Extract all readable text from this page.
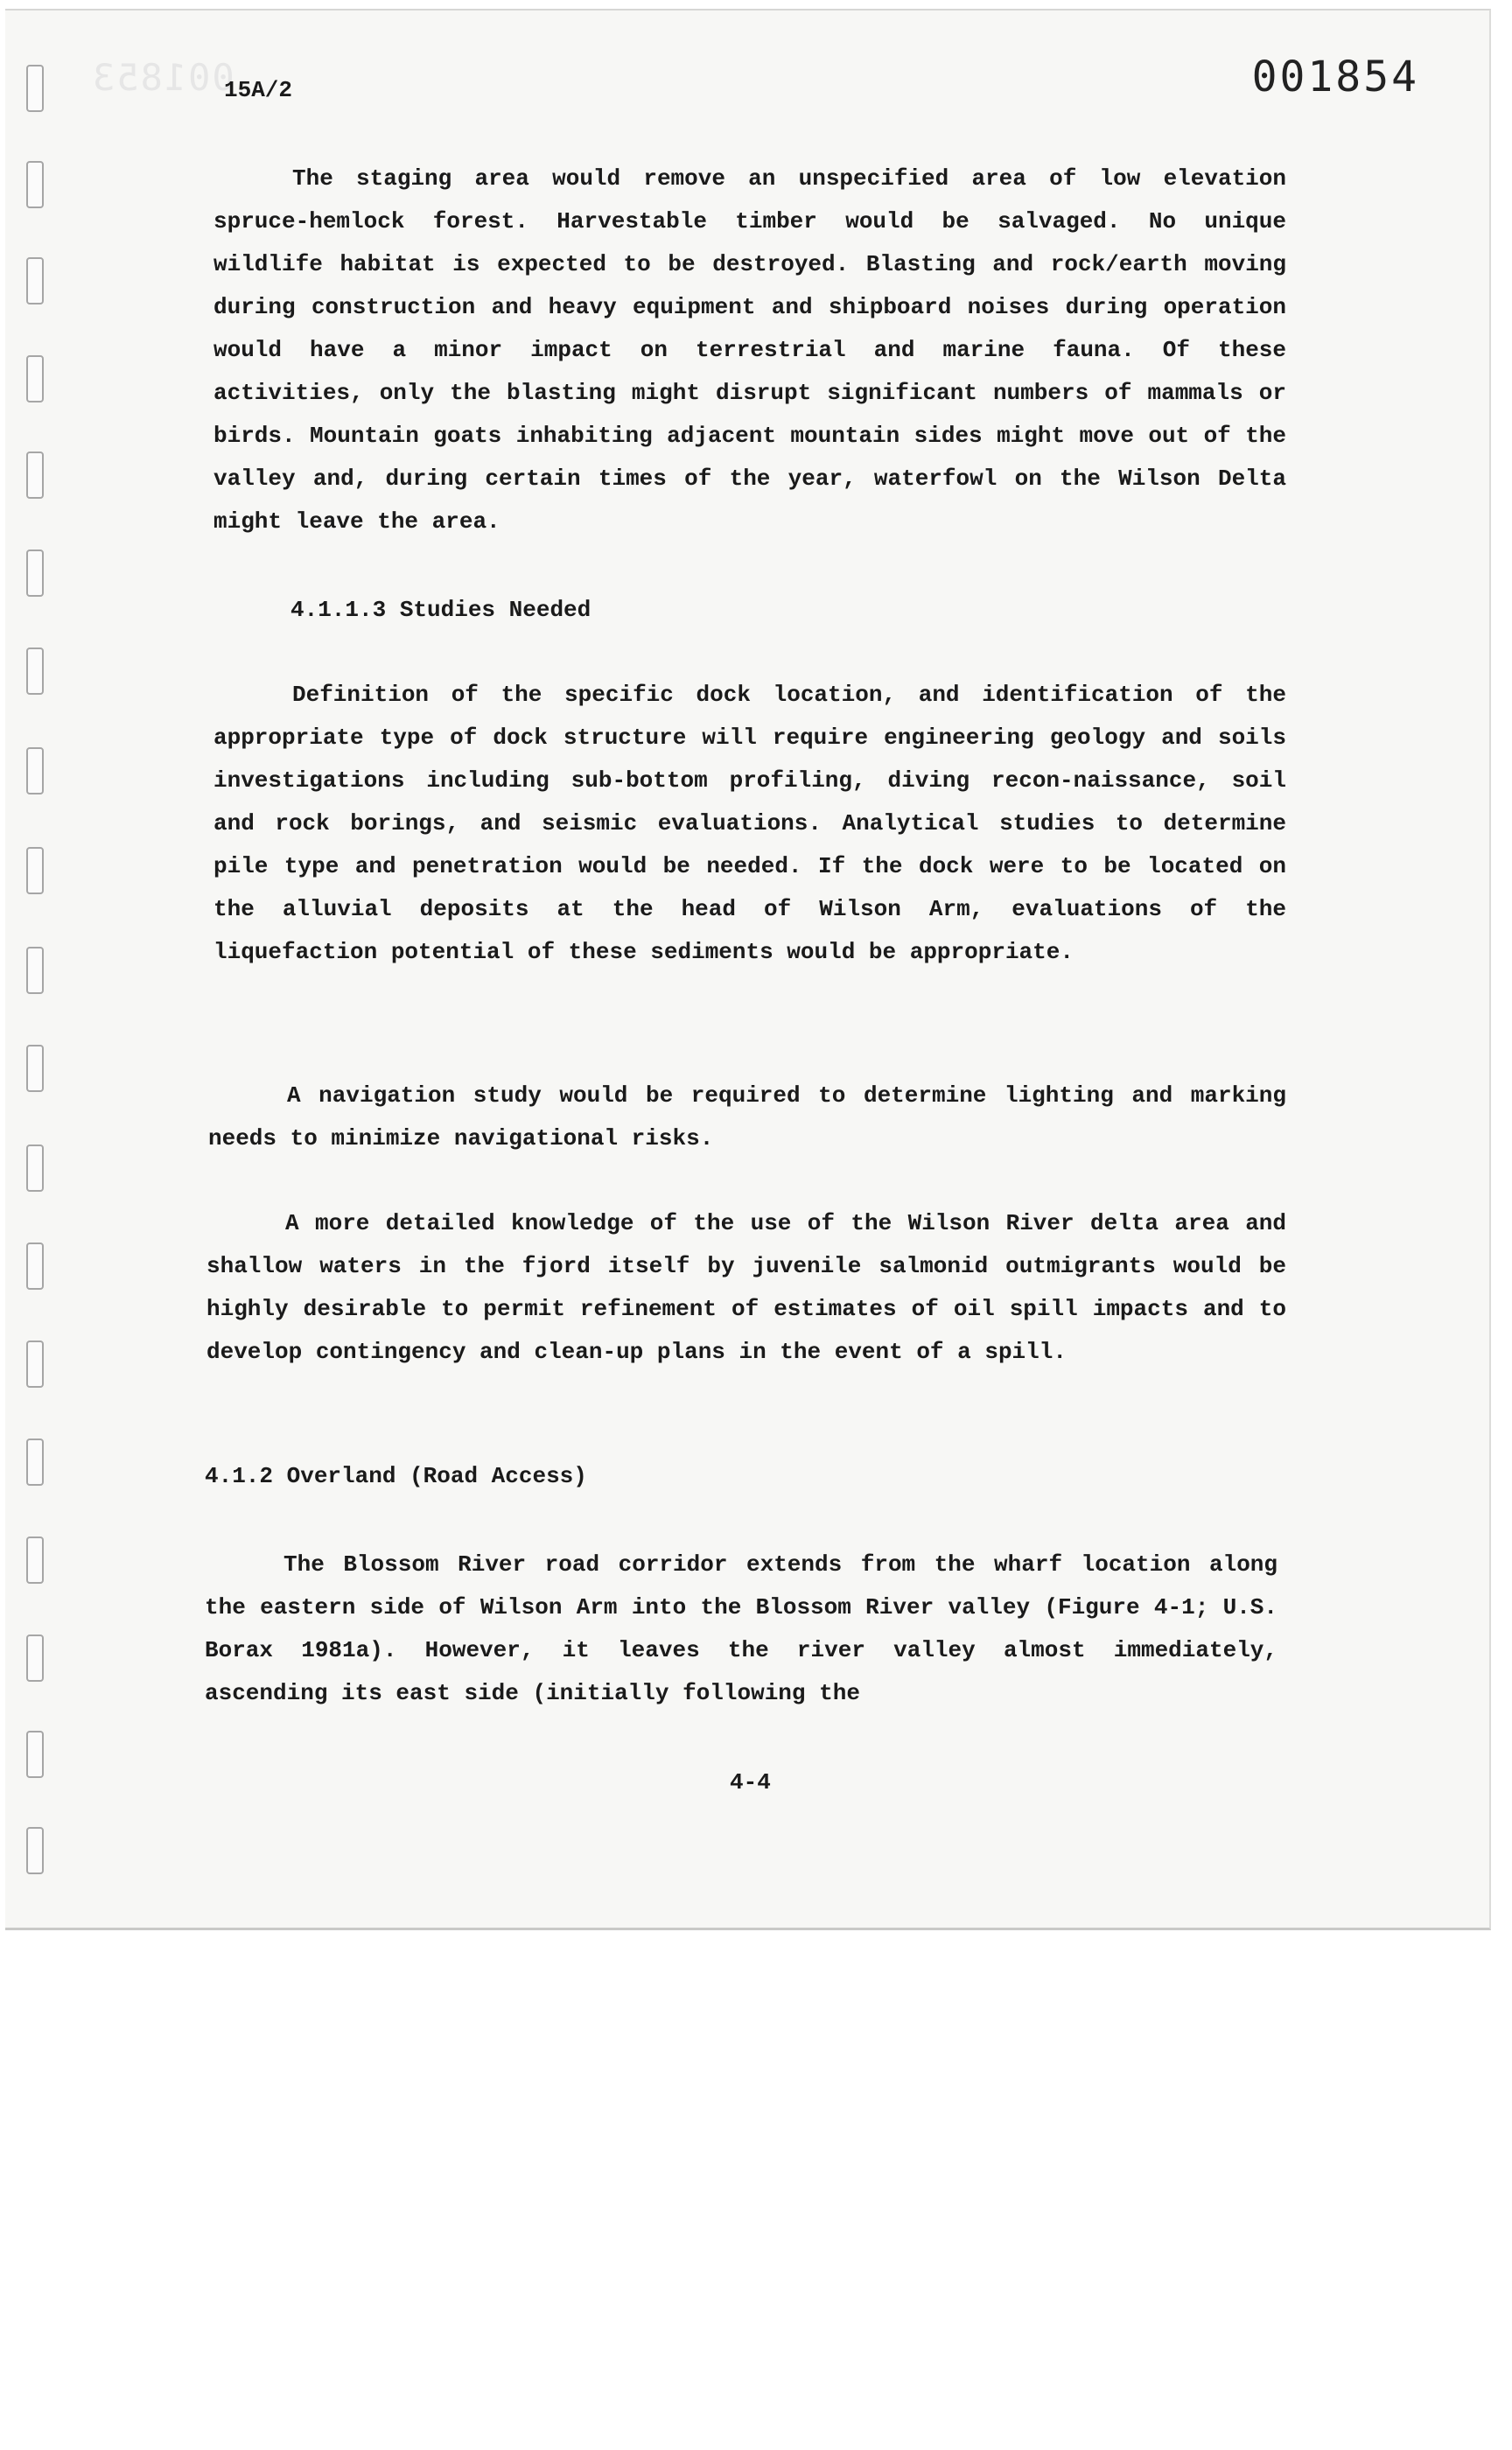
001853
15A/2	001854

The staging area would remove an unspecified area of low elevation spruce-hemlock forest. Harvestable timber would be salvaged. No unique wildlife habitat is expected to be destroyed. Blasting and rock/earth moving during construction and heavy equipment and shipboard noises during operation would have a minor impact on terrestrial and marine fauna. Of these activities, only the blasting might disrupt significant numbers of mammals or birds. Mountain goats inhabiting adjacent mountain sides might move out of the valley and, during certain times of the year, waterfowl on the Wilson Delta might leave the area.

4.1.1.3 Studies Needed

Definition of the specific dock location, and identification of the appropriate type of dock structure will require engineering geology and soils investigations including sub-bottom profiling, diving recon-naissance, soil and rock borings, and seismic evaluations. Analytical studies to determine pile type and penetration would be needed. If the dock were to be located on the alluvial deposits at the head of Wilson Arm, evaluations of the liquefaction potential of these sediments would be appropriate.

A navigation study would be required to determine lighting and marking needs to minimize navigational risks.

A more detailed knowledge of the use of the Wilson River delta area and shallow waters in the fjord itself by juvenile salmonid outmigrants would be highly desirable to permit refinement of estimates of oil spill impacts and to develop contingency and clean-up plans in the event of a spill.

4.1.2 Overland (Road Access)

The Blossom River road corridor extends from the wharf location along the eastern side of Wilson Arm into the Blossom River valley (Figure 4-1; U.S. Borax 1981a). However, it leaves the river valley almost immediately, ascending its east side (initially following the

4-4
